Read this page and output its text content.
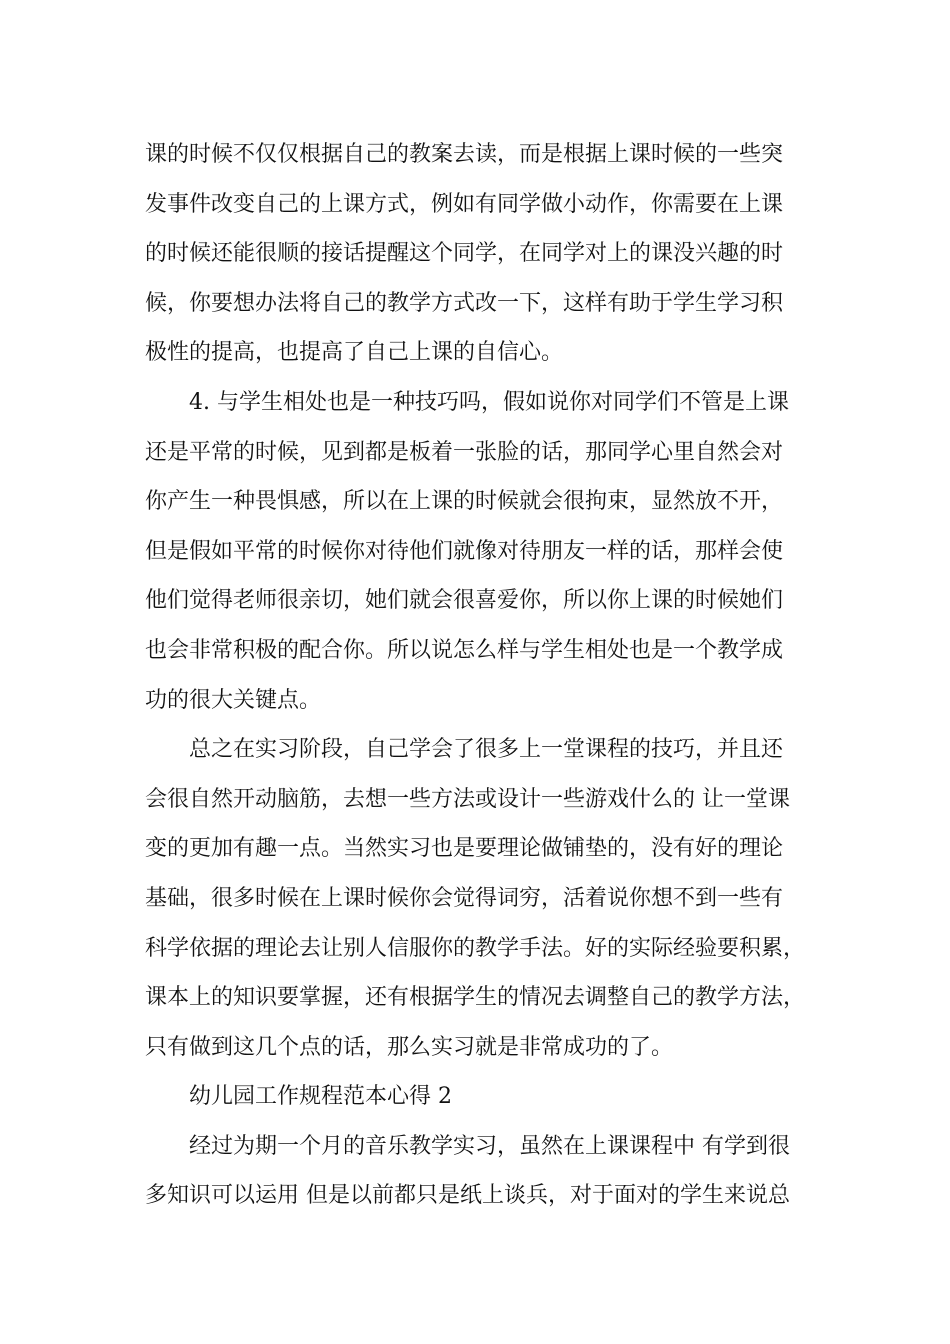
课的时候不仅仅根据自己的教案去读，而是根据上课时候的一些突
发事件改变自己的上课方式，例如有同学做小动作，你需要在上课
的时候还能很顺的接话提醒这个同学，在同学对上的课没兴趣的时
候，你要想办法将自己的教学方式改一下，这样有助于学生学习积
极性的提高，也提高了自己上课的自信心。
4. 与学生相处也是一种技巧吗，假如说你对同学们不管是上课
还是平常的时候，见到都是板着一张脸的话，那同学心里自然会对
你产生一种畏惧感，所以在上课的时候就会很拘束，显然放不开，
但是假如平常的时候你对待他们就像对待朋友一样的话，那样会使
他们觉得老师很亲切，她们就会很喜爱你，所以你上课的时候她们
也会非常积极的配合你。所以说怎么样与学生相处也是一个教学成
功的很大关键点。
总之在实习阶段，自己学会了很多上一堂课程的技巧，并且还
会很自然开动脑筋，去想一些方法或设计一些游戏什么的 让一堂课
变的更加有趣一点。当然实习也是要理论做铺垫的，没有好的理论
基础，很多时候在上课时候你会觉得词穷，活着说你想不到一些有
科学依据的理论去让别人信服你的教学手法。好的实际经验要积累，
课本上的知识要掌握，还有根据学生的情况去调整自己的教学方法，
只有做到这几个点的话，那么实习就是非常成功的了。
幼儿园工作规程范本心得 2
经过为期一个月的音乐教学实习，虽然在上课课程中 有学到很
多知识可以运用 但是以前都只是纸上谈兵，对于面对的学生来说总
